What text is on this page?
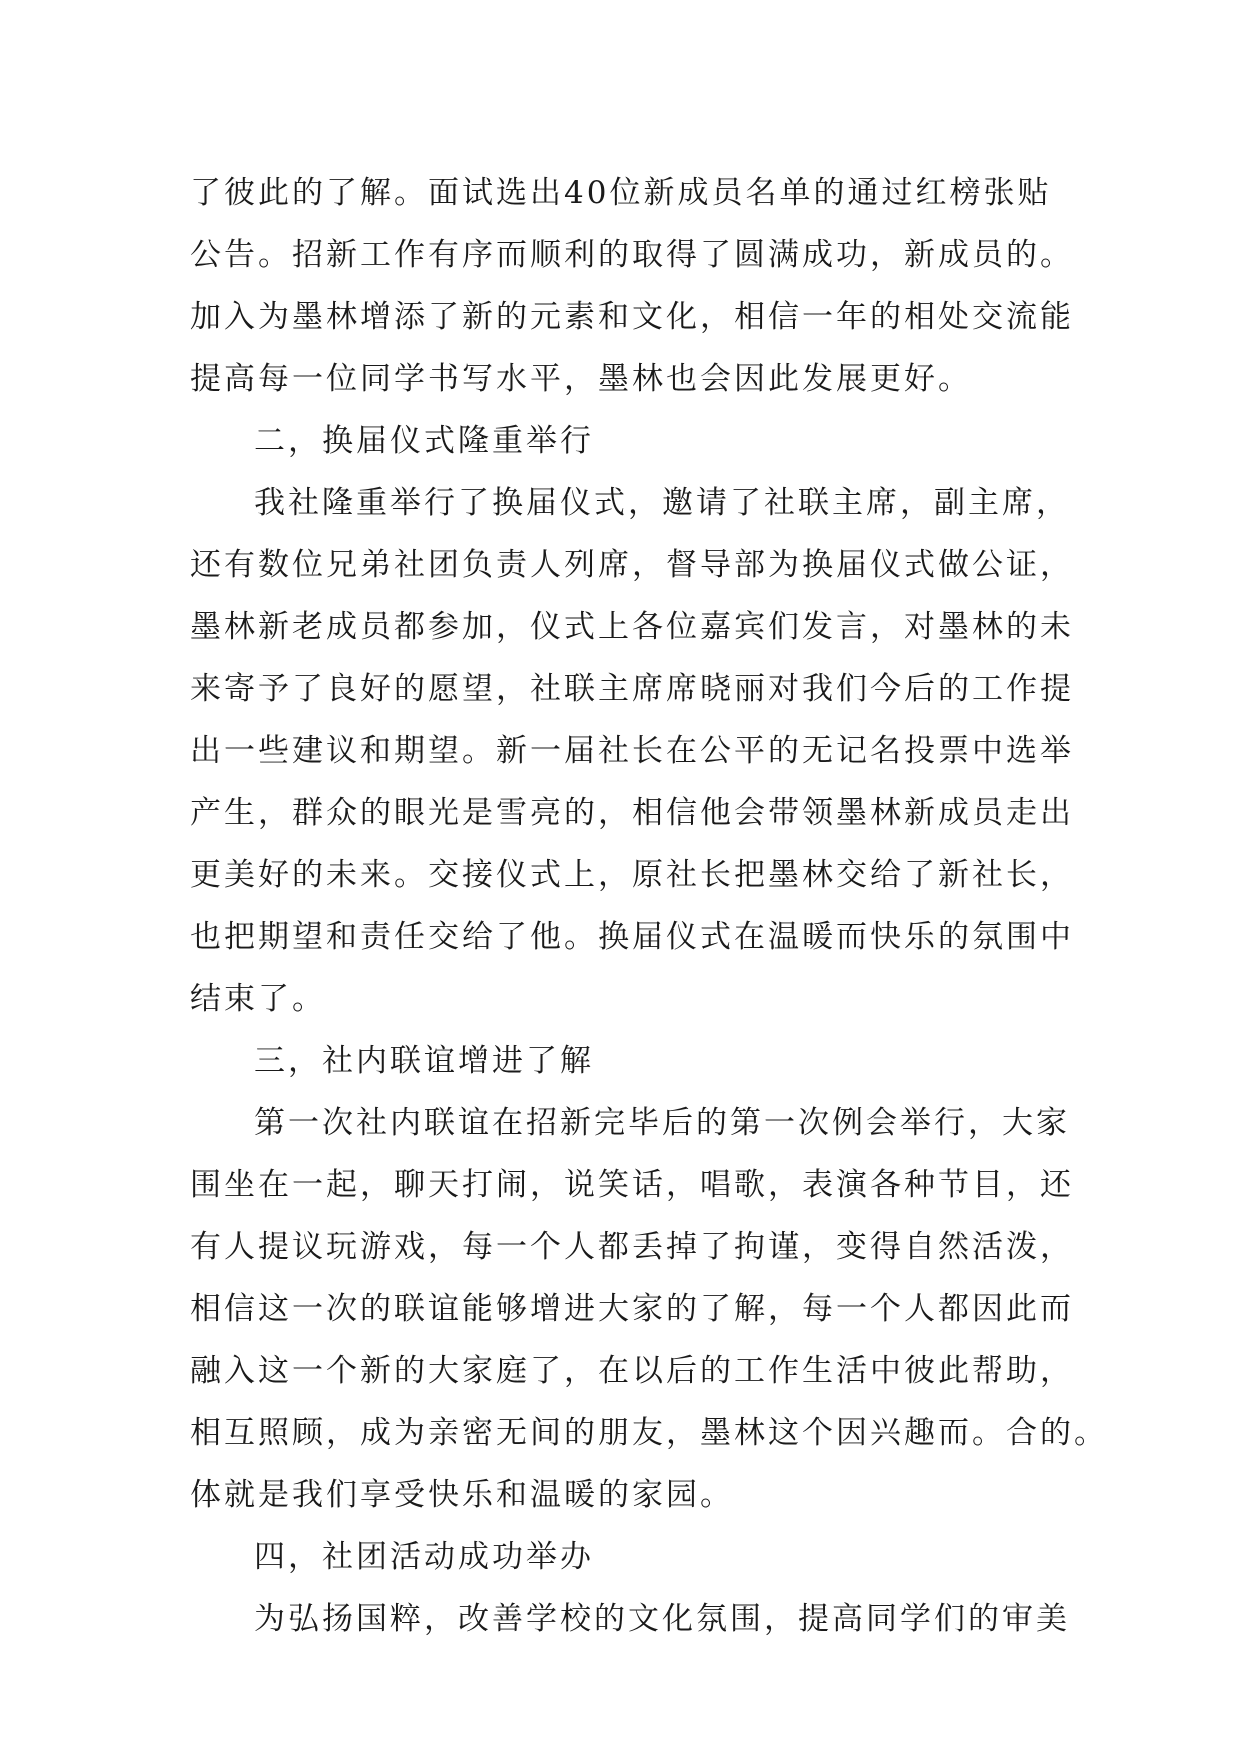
了彼此的了解。面试选出40位新成员名单的通过红榜张贴
公告。招新工作有序而顺利的取得了圆满成功，新成员的。
加入为墨林增添了新的元素和文化，相信一年的相处交流能
提高每一位同学书写水平，墨林也会因此发展更好。
二，换届仪式隆重举行
我社隆重举行了换届仪式，邀请了社联主席，副主席，
还有数位兄弟社团负责人列席，督导部为换届仪式做公证，
墨林新老成员都参加，仪式上各位嘉宾们发言，对墨林的未
来寄予了良好的愿望，社联主席席晓丽对我们今后的工作提
出一些建议和期望。新一届社长在公平的无记名投票中选举
产生，群众的眼光是雪亮的，相信他会带领墨林新成员走出
更美好的未来。交接仪式上，原社长把墨林交给了新社长，
也把期望和责任交给了他。换届仪式在温暖而快乐的氛围中
结束了。
三，社内联谊增进了解
第一次社内联谊在招新完毕后的第一次例会举行，大家
围坐在一起，聊天打闹，说笑话，唱歌，表演各种节目，还
有人提议玩游戏，每一个人都丢掉了拘谨，变得自然活泼，
相信这一次的联谊能够增进大家的了解，每一个人都因此而
融入这一个新的大家庭了，在以后的工作生活中彼此帮助，
相互照顾，成为亲密无间的朋友，墨林这个因兴趣而。合的。
体就是我们享受快乐和温暖的家园。
四，社团活动成功举办
为弘扬国粹，改善学校的文化氛围，提高同学们的审美
